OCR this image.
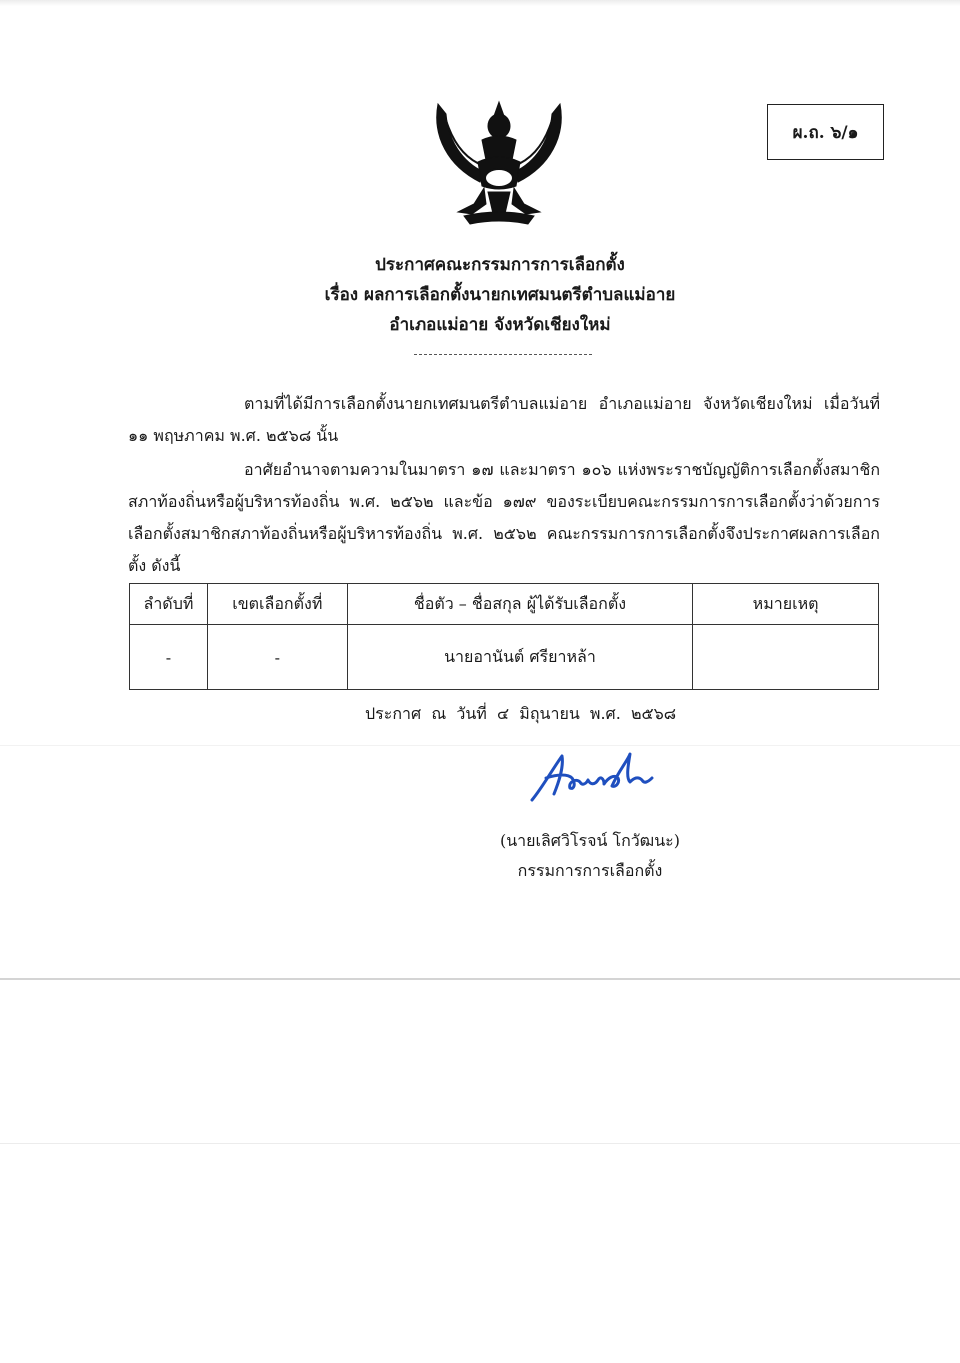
ผ.ถ. ๖/๑
ประกาศคณะกรรมการการเลือกตั้ง
เรื่อง ผลการเลือกตั้งนายกเทศมนตรีตำบลแม่อาย
อำเภอแม่อาย จังหวัดเชียงใหม่
ตามที่ได้มีการเลือกตั้งนายกเทศมนตรีตำบลแม่อาย อำเภอแม่อาย จังหวัดเชียงใหม่ เมื่อวันที่ ๑๑ พฤษภาคม พ.ศ. ๒๕๖๘ นั้น
อาศัยอำนาจตามความในมาตรา ๑๗ และมาตรา ๑๐๖ แห่งพระราชบัญญัติการเลือกตั้งสมาชิกสภาท้องถิ่นหรือผู้บริหารท้องถิ่น พ.ศ. ๒๕๖๒ และข้อ ๑๗๙ ของระเบียบคณะกรรมการการเลือกตั้งว่าด้วยการเลือกตั้งสมาชิกสภาท้องถิ่นหรือผู้บริหารท้องถิ่น พ.ศ. ๒๕๖๒ คณะกรรมการการเลือกตั้งจึงประกาศผลการเลือกตั้ง ดังนี้
ลำดับที่	เขตเลือกตั้งที่	ชื่อตัว – ชื่อสกุล ผู้ได้รับเลือกตั้ง	หมายเหตุ
-	-	นายอานันต์ ศรียาหล้า	
ประกาศ  ณ  วันที่  ๔  มิถุนายน  พ.ศ.  ๒๕๖๘
(นายเลิศวิโรจน์ โกวัฒนะ)
กรรมการการเลือกตั้ง
